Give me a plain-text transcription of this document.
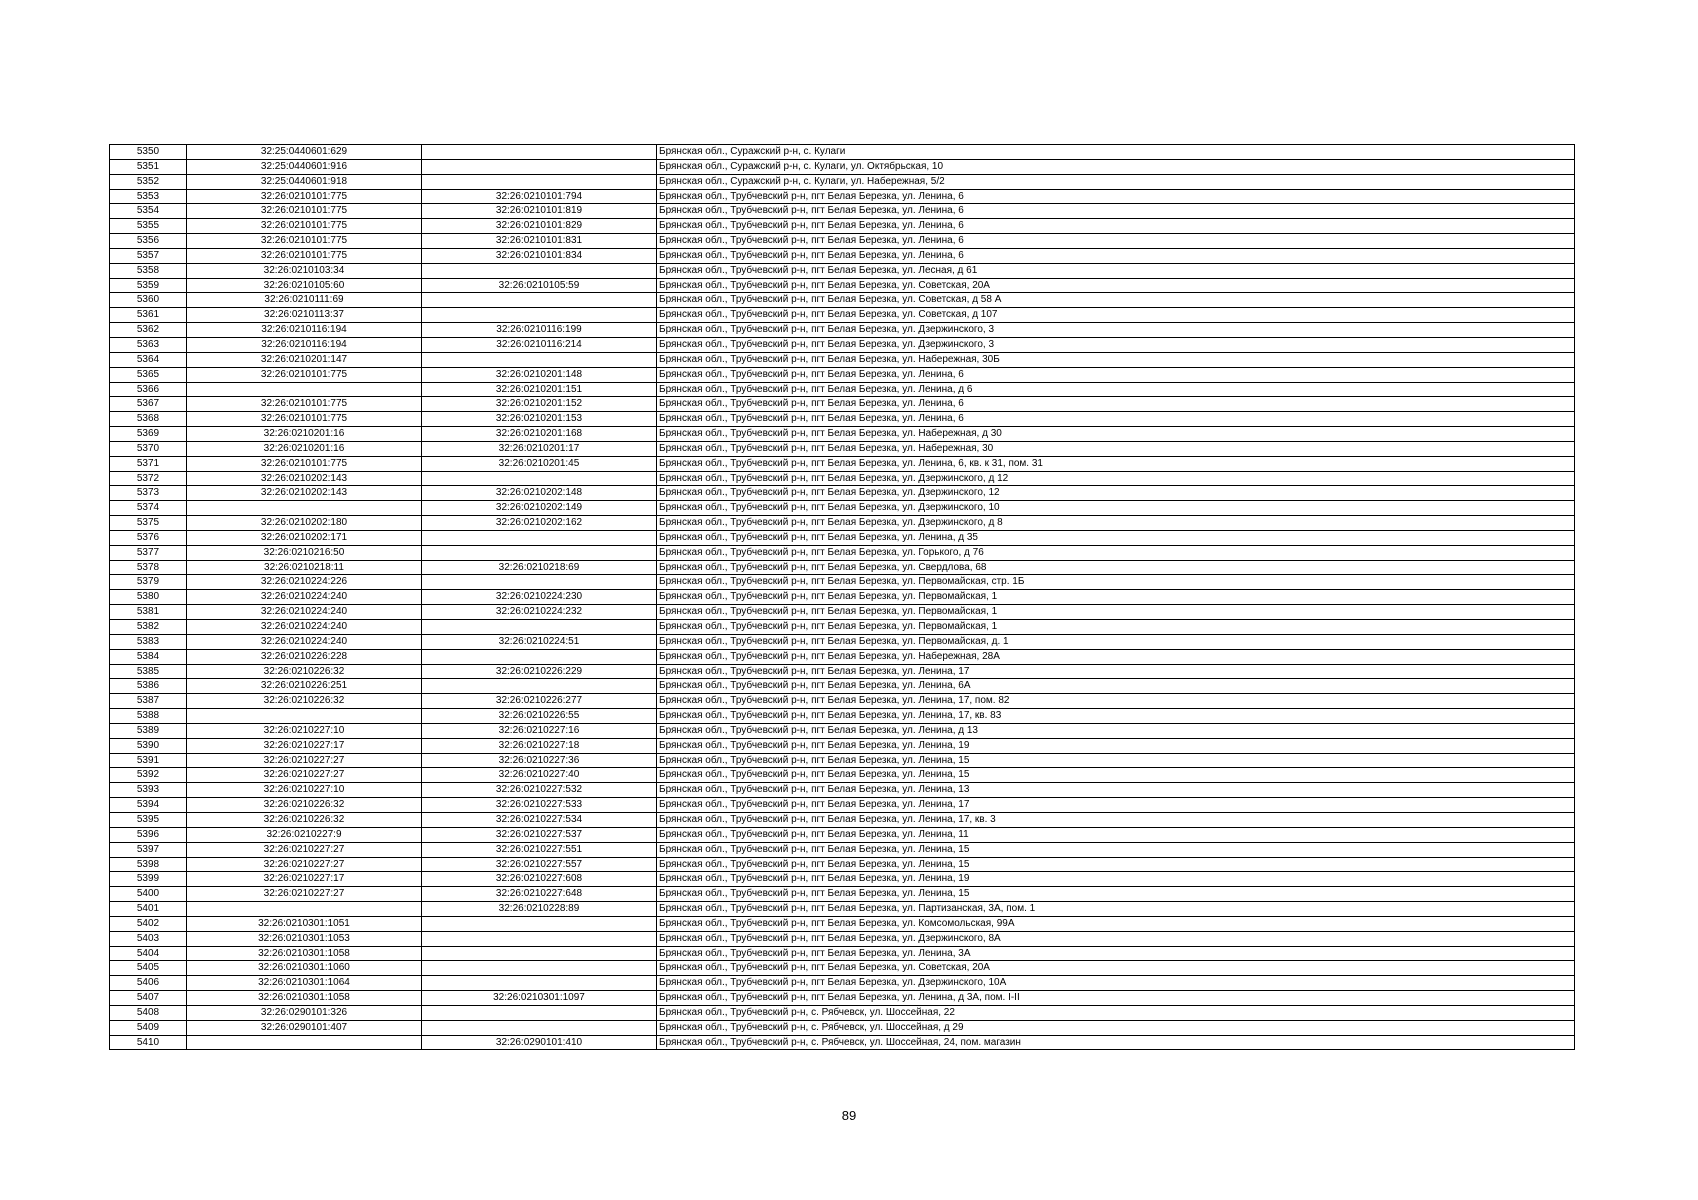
5350	32:25:0440601:629		Брянская обл., Суражский р-н, с. Кулаги
5351	32:25:0440601:916		Брянская обл., Суражский р-н, с. Кулаги, ул. Октябрьская, 10
5352	32:25:0440601:918		Брянская обл., Суражский р-н, с. Кулаги, ул. Набережная, 5/2
5353	32:26:0210101:775	32:26:0210101:794	Брянская обл., Трубчевский р-н, пгт Белая Березка, ул. Ленина, 6
5354	32:26:0210101:775	32:26:0210101:819	Брянская обл., Трубчевский р-н, пгт Белая Березка, ул. Ленина, 6
5355	32:26:0210101:775	32:26:0210101:829	Брянская обл., Трубчевский р-н, пгт Белая Березка, ул. Ленина, 6
5356	32:26:0210101:775	32:26:0210101:831	Брянская обл., Трубчевский р-н, пгт Белая Березка, ул. Ленина, 6
5357	32:26:0210101:775	32:26:0210101:834	Брянская обл., Трубчевский р-н, пгт Белая Березка, ул. Ленина, 6
5358	32:26:0210103:34		Брянская обл., Трубчевский р-н, пгт Белая Березка, ул. Лесная, д 61
5359	32:26:0210105:60	32:26:0210105:59	Брянская обл., Трубчевский р-н, пгт Белая Березка, ул. Советская, 20А
5360	32:26:0210111:69		Брянская обл., Трубчевский р-н, пгт Белая Березка, ул. Советская, д 58 А
5361	32:26:0210113:37		Брянская обл., Трубчевский р-н, пгт Белая Березка, ул. Советская, д 107
5362	32:26:0210116:194	32:26:0210116:199	Брянская обл., Трубчевский р-н, пгт Белая Березка, ул. Дзержинского, 3
5363	32:26:0210116:194	32:26:0210116:214	Брянская обл., Трубчевский р-н, пгт Белая Березка, ул. Дзержинского, 3
5364	32:26:0210201:147		Брянская обл., Трубчевский р-н, пгт Белая Березка, ул. Набережная, 30Б
5365	32:26:0210101:775	32:26:0210201:148	Брянская обл., Трубчевский р-н, пгт Белая Березка, ул. Ленина, 6
5366		32:26:0210201:151	Брянская обл., Трубчевский р-н, пгт Белая Березка, ул. Ленина, д 6
5367	32:26:0210101:775	32:26:0210201:152	Брянская обл., Трубчевский р-н, пгт Белая Березка, ул. Ленина, 6
5368	32:26:0210101:775	32:26:0210201:153	Брянская обл., Трубчевский р-н, пгт Белая Березка, ул. Ленина, 6
5369	32:26:0210201:16	32:26:0210201:168	Брянская обл., Трубчевский р-н, пгт Белая Березка, ул. Набережная, д 30
5370	32:26:0210201:16	32:26:0210201:17	Брянская обл., Трубчевский р-н, пгт Белая Березка, ул. Набережная, 30
5371	32:26:0210101:775	32:26:0210201:45	Брянская обл., Трубчевский р-н, пгт Белая Березка, ул. Ленина, 6, кв. к 31, пом. 31
5372	32:26:0210202:143		Брянская обл., Трубчевский р-н, пгт Белая Березка, ул. Дзержинского, д 12
5373	32:26:0210202:143	32:26:0210202:148	Брянская обл., Трубчевский р-н, пгт Белая Березка, ул. Дзержинского, 12
5374		32:26:0210202:149	Брянская обл., Трубчевский р-н, пгт Белая Березка, ул. Дзержинского, 10
5375	32:26:0210202:180	32:26:0210202:162	Брянская обл., Трубчевский р-н, пгт Белая Березка, ул. Дзержинского, д 8
5376	32:26:0210202:171		Брянская обл., Трубчевский р-н, пгт Белая Березка, ул. Ленина, д 35
5377	32:26:0210216:50		Брянская обл., Трубчевский р-н, пгт Белая Березка, ул. Горького, д 76
5378	32:26:0210218:11	32:26:0210218:69	Брянская обл., Трубчевский р-н, пгт Белая Березка, ул. Свердлова, 68
5379	32:26:0210224:226		Брянская обл., Трубчевский р-н, пгт Белая Березка, ул. Первомайская, стр. 1Б
5380	32:26:0210224:240	32:26:0210224:230	Брянская обл., Трубчевский р-н, пгт Белая Березка, ул. Первомайская, 1
5381	32:26:0210224:240	32:26:0210224:232	Брянская обл., Трубчевский р-н, пгт Белая Березка, ул. Первомайская, 1
5382	32:26:0210224:240		Брянская обл., Трубчевский р-н, пгт Белая Березка, ул. Первомайская, 1
5383	32:26:0210224:240	32:26:0210224:51	Брянская обл., Трубчевский р-н, пгт Белая Березка, ул. Первомайская, д. 1
5384	32:26:0210226:228		Брянская обл., Трубчевский р-н, пгт Белая Березка, ул. Набережная, 28А
5385	32:26:0210226:32	32:26:0210226:229	Брянская обл., Трубчевский р-н, пгт Белая Березка, ул. Ленина, 17
5386	32:26:0210226:251		Брянская обл., Трубчевский р-н, пгт Белая Березка, ул. Ленина, 6А
5387	32:26:0210226:32	32:26:0210226:277	Брянская обл., Трубчевский р-н, пгт Белая Березка, ул. Ленина, 17, пом. 82
5388		32:26:0210226:55	Брянская обл., Трубчевский р-н, пгт Белая Березка, ул. Ленина, 17, кв. 83
5389	32:26:0210227:10	32:26:0210227:16	Брянская обл., Трубчевский р-н, пгт Белая Березка, ул. Ленина, д 13
5390	32:26:0210227:17	32:26:0210227:18	Брянская обл., Трубчевский р-н, пгт Белая Березка, ул. Ленина, 19
5391	32:26:0210227:27	32:26:0210227:36	Брянская обл., Трубчевский р-н, пгт Белая Березка, ул. Ленина, 15
5392	32:26:0210227:27	32:26:0210227:40	Брянская обл., Трубчевский р-н, пгт Белая Березка, ул. Ленина, 15
5393	32:26:0210227:10	32:26:0210227:532	Брянская обл., Трубчевский р-н, пгт Белая Березка, ул. Ленина, 13
5394	32:26:0210226:32	32:26:0210227:533	Брянская обл., Трубчевский р-н, пгт Белая Березка, ул. Ленина, 17
5395	32:26:0210226:32	32:26:0210227:534	Брянская обл., Трубчевский р-н, пгт Белая Березка, ул. Ленина, 17, кв. 3
5396	32:26:0210227:9	32:26:0210227:537	Брянская обл., Трубчевский р-н, пгт Белая Березка, ул. Ленина, 11
5397	32:26:0210227:27	32:26:0210227:551	Брянская обл., Трубчевский р-н, пгт Белая Березка, ул. Ленина, 15
5398	32:26:0210227:27	32:26:0210227:557	Брянская обл., Трубчевский р-н, пгт Белая Березка, ул. Ленина, 15
5399	32:26:0210227:17	32:26:0210227:608	Брянская обл., Трубчевский р-н, пгт Белая Березка, ул. Ленина, 19
5400	32:26:0210227:27	32:26:0210227:648	Брянская обл., Трубчевский р-н, пгт Белая Березка, ул. Ленина, 15
5401		32:26:0210228:89	Брянская обл., Трубчевский р-н, пгт Белая Березка, ул. Партизанская, 3А, пом. 1
5402	32:26:0210301:1051		Брянская обл., Трубчевский р-н, пгт Белая Березка, ул. Комсомольская, 99А
5403	32:26:0210301:1053		Брянская обл., Трубчевский р-н, пгт Белая Березка, ул. Дзержинского, 8А
5404	32:26:0210301:1058		Брянская обл., Трубчевский р-н, пгт Белая Березка, ул. Ленина, 3А
5405	32:26:0210301:1060		Брянская обл., Трубчевский р-н, пгт Белая Березка, ул. Советская, 20А
5406	32:26:0210301:1064		Брянская обл., Трубчевский р-н, пгт Белая Березка, ул. Дзержинского, 10А
5407	32:26:0210301:1058	32:26:0210301:1097	Брянская обл., Трубчевский р-н, пгт Белая Березка, ул. Ленина, д 3А, пом. I-II
5408	32:26:0290101:326		Брянская обл., Трубчевский р-н, с. Рябчевск, ул. Шоссейная, 22
5409	32:26:0290101:407		Брянская обл., Трубчевский р-н, с. Рябчевск, ул. Шоссейная, д 29
5410		32:26:0290101:410	Брянская обл., Трубчевский р-н, с. Рябчевск, ул. Шоссейная, 24, пом. магазин
89
